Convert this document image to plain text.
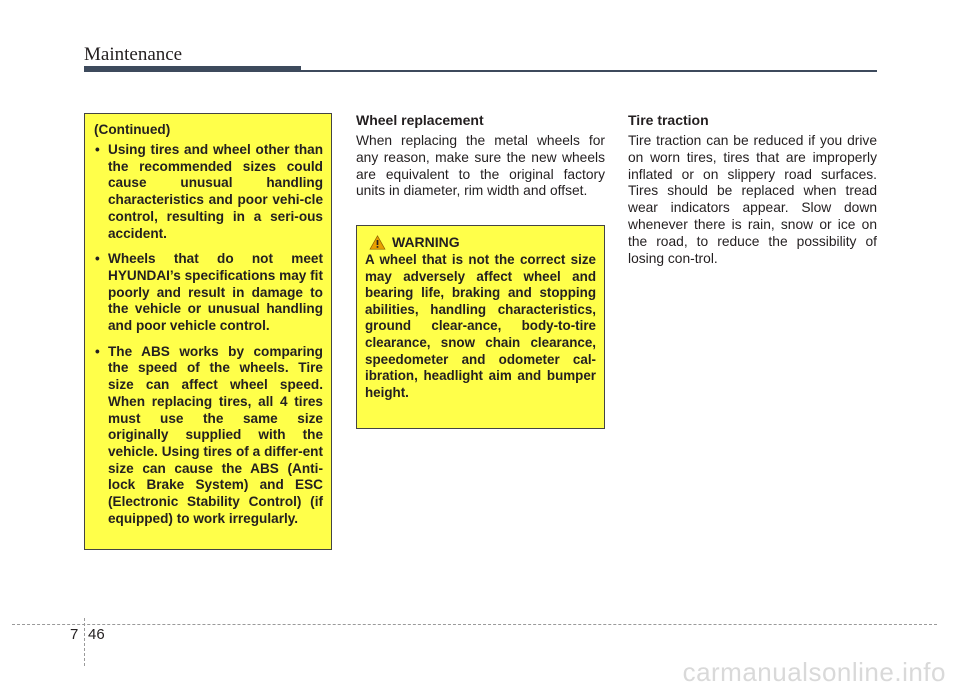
Maintenance
(Continued)
• Using tires and wheel other than the recommended sizes could cause unusual handling characteristics and poor vehi-cle control, resulting in a seri-ous accident.
• Wheels that do not meet HYUNDAI’s specifications may fit poorly and result in damage to the vehicle or unusual handling and poor vehicle control.
• The ABS works by comparing the speed of the wheels. Tire size can affect wheel speed. When replacing tires, all 4 tires must use the same size originally supplied with the vehicle. Using tires of a differ-ent size can cause the ABS (Anti-lock Brake System) and ESC (Electronic Stability Control) (if equipped) to work irregularly.
Wheel replacement
When replacing the metal wheels for any reason, make sure the new wheels are equivalent to the original factory units in diameter, rim width and offset.
WARNING
A wheel that is not the correct size may adversely affect wheel and bearing life, braking and stopping abilities, handling characteristics, ground clear-ance, body-to-tire clearance, snow chain clearance, speedometer and odometer cal-ibration, headlight aim and bumper height.
Tire traction
Tire traction can be reduced if you drive on worn tires, tires that are improperly inflated or on slippery road surfaces. Tires should be replaced when tread wear indicators appear. Slow down whenever there is rain, snow or ice on the road, to reduce the possibility of losing con-trol.
7 46
carmanualsonline.info
